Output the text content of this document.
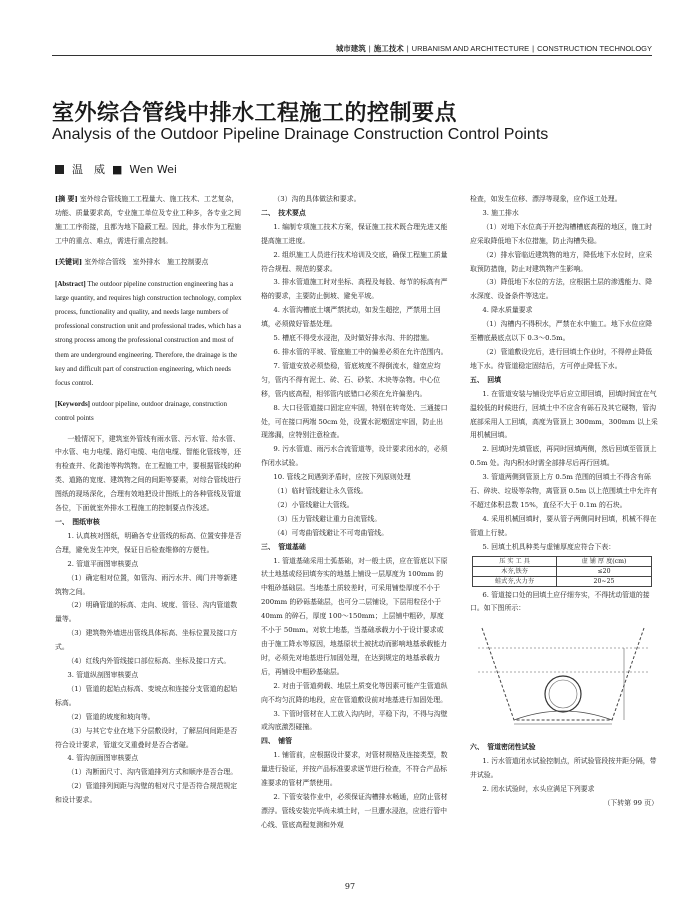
城市建筑 | 施工技术 | URBANISM AND ARCHITECTURE | CONSTRUCTION TECHNOLOGY
室外综合管线中排水工程施工的控制要点
Analysis of the Outdoor Pipeline Drainage Construction Control Points
温　威 ■ Wen Wei

[摘 要] 室外综合管线施工工程量大、施工技术、工艺复杂，功能、质量要求高，专业施工单位及专业工种多，各专业之间施工工序衔接，且都为地下隐蔽工程。因此，排水作为工程施工中的重点、难点，需进行重点控制。

[关键词] 室外综合管线　室外排水　施工控制要点

[Abstract] The outdoor pipeline construction engineering has a large quantity, and requires high construction technology, complex process, functionality and quality, and needs large numbers of professional construction unit and professional trades, which has a strong process among the professional construction and most of them are underground engineering. Therefore, the drainage is the key and difficult part of construction engineering, which needs focus control.

[Keywords] outdoor pipeline, outdoor drainage, construction control points

一般情况下，建筑室外管线有雨水管、污水管、给水管、中水管、电力电缆、路灯电缆、电信电缆、智能化管线等，还有检查井、化粪池等构筑物。在工程施工中，要根据管线的种类、道路的宽度、建筑物之间的间距等要素，对综合管线进行图纸的现场深化，合理有效地把设计图纸上的各种管线及管道各位，下面就室外排水工程施工的控制要点作浅述。

一、　图纸审核

1. 认真核对图纸，明确各专业管线的标高、位置安排是否合理，避免发生冲突，保证日后检查维修的方便性。

2. 管道平面图审核要点

（1）确定相对位置，如管沟、雨污水井、阀门井等新建筑物之间。

（2）明确管道的标高、走向、坡度、管径、沟内管道数量等。

（3）建筑物外墙进出管线具体标高、坐标位置及接口方式。

（4）红线内外管线接口部位标高、坐标及接口方式。

3. 管道纵剖图审核要点

（1）管道的起始点标高、变坡点和连接分支管道的起始标高。

（2）管道的坡度和坡向等。

（3）与其它专业在地下分层敷设时，了解层间间距是否符合设计要求，管道交叉重叠时是否合者碰。

4. 管沟剖面图审核要点

（1）沟断面尺寸、沟内管道排列方式和顺序是否合理。

（2）管道排列间距与沟壁的相对尺寸是否符合规范规定和设计要求。

（3）沟的具体做法和要求。

二、　技术要点

1. 编制专项施工技术方案，保证施工技术既合理先进又能提高施工进度。

2. 组织施工人员进行技术培训及交底，确保工程施工质量符合规程、规范的要求。

3. 排水管道施工时对坐标、高程及每股、每节的标高有严格的要求，主要防止倒坡、避免平坡。

4. 水管沟槽底土壤严禁扰动，如发生超挖，严禁用土回填，必须做好管基处理。

5. 槽底不得受水浸泡，及时做好排水沟、井的措施。

6. 排水管的平坡、管座施工中的偏差必须在允许范围内。

7. 管道安放必须垫稳，管底坡度不得倒流水，缝宽应均匀，管内不得有泥土、砖、石、砂浆、木块等杂物。中心位移，管内底高程，相邻管内底错口必须在允许偏差内。

8. 大口径管道接口固定应牢固，特别在转弯处、三通接口处，可在接口两端 50cm 处，设置水泥墩固定牢固，防止出现滲漏，应特别注意检查。

9. 污水管道、雨污水合流管道等，设计要求闭水的，必须作闭水试验。

10. 管线之间遇到矛盾时，应按下列原则处理

（1）临时管线避让永久管线。

（2）小管线避让大管线。

（3）压力管线避让重力自流管线。

（4）可弯曲管线避让不可弯曲管线。

三、　管道基础

1. 管道基础采用土弧基础，对一般土质，应在管底以下原状土地基或经回填夯实的地基上铺设一层厚度为 100mm 的中粗砂基础层。当地基土质较差时，可采用铺垫厚度不小于 200mm 的砂砾基础层，也可分二层铺设，下层用粒径小于 40mm 的碎石，厚度 100～150mm；上层铺中粗砂，厚度不小于 50mm。对软土地基，当基础承载力小于设计要求或由于施工降水等原因，地基原状土被扰动而影响地基承载能力时，必须先对地基进行加固处理，在达到规定的地基承载力后，再铺设中粗砂基础层。

2. 对由于管道荷载、地层土质变化等因素可能产生管道纵向不均匀沉降的地段，应在管道敷设前对地基进行加固处理。

3. 下管时管材在人工放入沟内时，平稳下沟，不得与沟壁或沟底激烈碰撞。

四、　铺管

1. 铺管前，应根据设计要求，对管材规格及连接类型，数量进行验证，并按产品标准要求逐节进行检查，不符合产品标准要求的管材严禁使用。

2. 下管安装作业中，必须保证沟槽排水畅通，应防止管材漂浮。管线安装完毕尚未填土时，一旦遭水浸泡，应进行管中心线、管底高程复测和外观

检查，如发生位移、漂浮等现象，应作返工处理。

3. 施工排水

（1）对地下水位高于开挖沟槽槽底高程的地区，施工时应采取降低地下水位措施，防止沟槽失稳。

（2）排水管临近建筑物的地方，降低地下水位时，应采取预防措施，防止对建筑物产生影响。

（3）降低地下水位的方法，应根据土层的渗透能力、降水深度、设备条件等选定。

4. 降水质量要求

（1）沟槽内不得积水，严禁在水中施工。地下水位应降至槽底最底点以下 0.3～0.5m。

（2）管道敷设完后，进行回填土作业时，不得停止降低地下水。待管道稳定固结后，方可停止降低下水。

五、　回填

1. 在管道安装与铺设完毕后应立即回填，回填时间宜在气温较低的时候进行，回填土中不应含有砾石及其它硬物，管沟底部采用人工回填，高度为管顶上 300mm，300mm 以上采用机械回填。

2. 回填时先填管底，再同时回填两侧，然后回填至管顶上 0.5m 处。沟内积水时需全部排尽后再行回填。

3. 管道两侧到管顶上方 0.5m 范围的回填土不得含有砾石、碎块、垃圾等杂物，离管顶 0.5m 以上范围填土中允许有不超过体积总数 15%，直径不大于 0.1m 的石块。

4. 采用机械回填时，要从管子两侧同时回填，机械不得在管道上行驶。

5. 回填土机具种类与虚铺厚度应符合下表：

压 实 工 具	虚 铺 厚 度(cm)
木夯,铁夯	≤20
蛙式夯,火力夯	20~25

6. 管道接口处的回填土应仔细夯实，不得扰动管道的接口。如下图所示：

六、　管道密闭性试验

1. 污水管道闭水试验控制点，所试验管段按井距分隔，带井试验。

2. 闭水试验时，水头应满足下列要求

（下转第 99 页）

97
